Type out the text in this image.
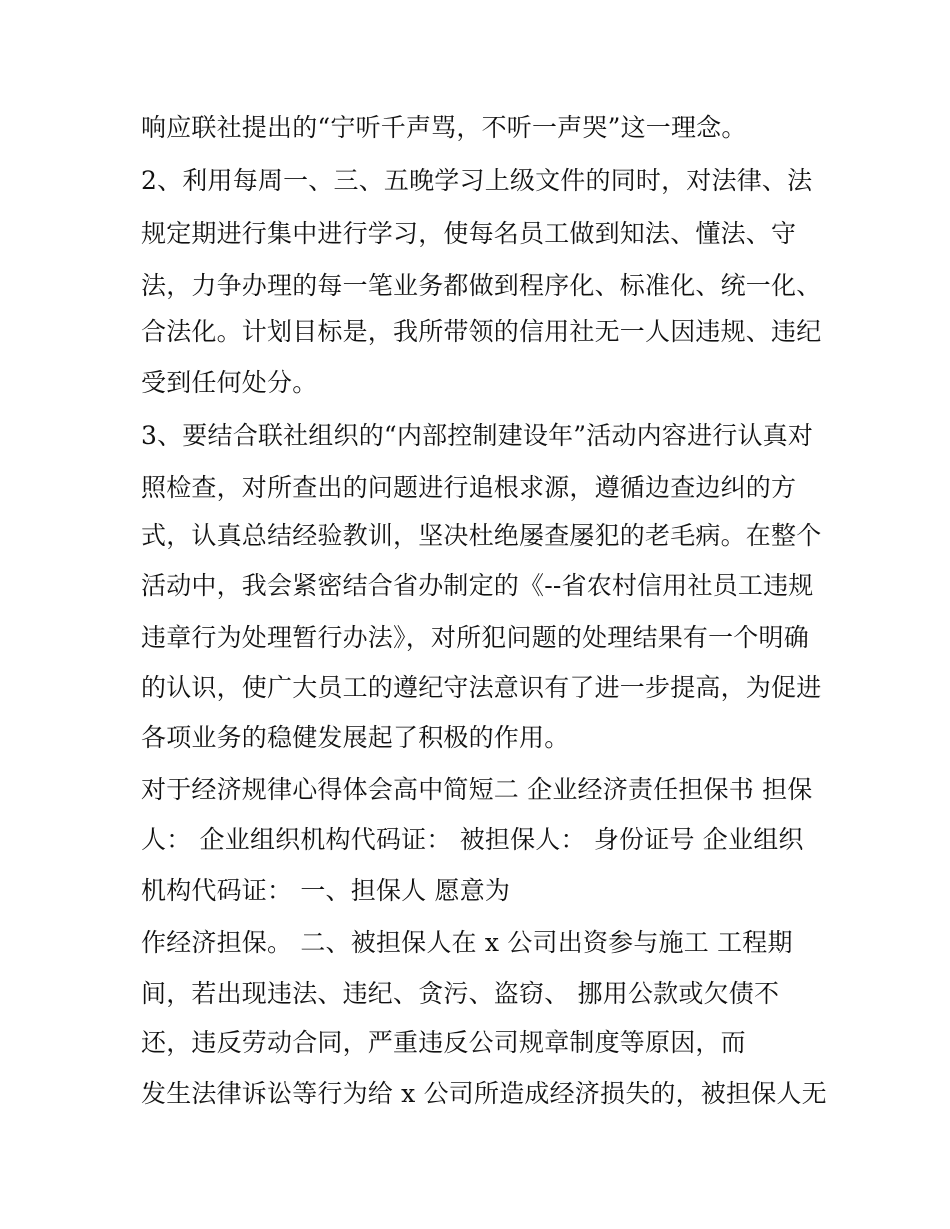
响应联社提出的“宁听千声骂，不听一声哭”这一理念。
2、利用每周一、三、五晚学习上级文件的同时，对法律、法
规定期进行集中进行学习，使每名员工做到知法、懂法、守
法，力争办理的每一笔业务都做到程序化、标准化、统一化、
合法化。计划目标是，我所带领的信用社无一人因违规、违纪
受到任何处分。
3、要结合联社组织的“内部控制建设年”活动内容进行认真对
照检查，对所查出的问题进行追根求源，遵循边查边纠的方
式，认真总结经验教训，坚决杜绝屡查屡犯的老毛病。在整个
活动中，我会紧密结合省办制定的《--省农村信用社员工违规
违章行为处理暂行办法》，对所犯问题的处理结果有一个明确
的认识，使广大员工的遵纪守法意识有了进一步提高，为促进
各项业务的稳健发展起了积极的作用。
对于经济规律心得体会高中简短二 企业经济责任担保书 担保
人： 企业组织机构代码证： 被担保人： 身份证号 企业组织
机构代码证： 一、担保人 愿意为
作经济担保。 二、被担保人在 x 公司出资参与施工 工程期
间，若出现违法、违纪、贪污、盗窃、 挪用公款或欠债不
还，违反劳动合同，严重违反公司规章制度等原因，而
发生法律诉讼等行为给 x 公司所造成经济损失的，被担保人无
